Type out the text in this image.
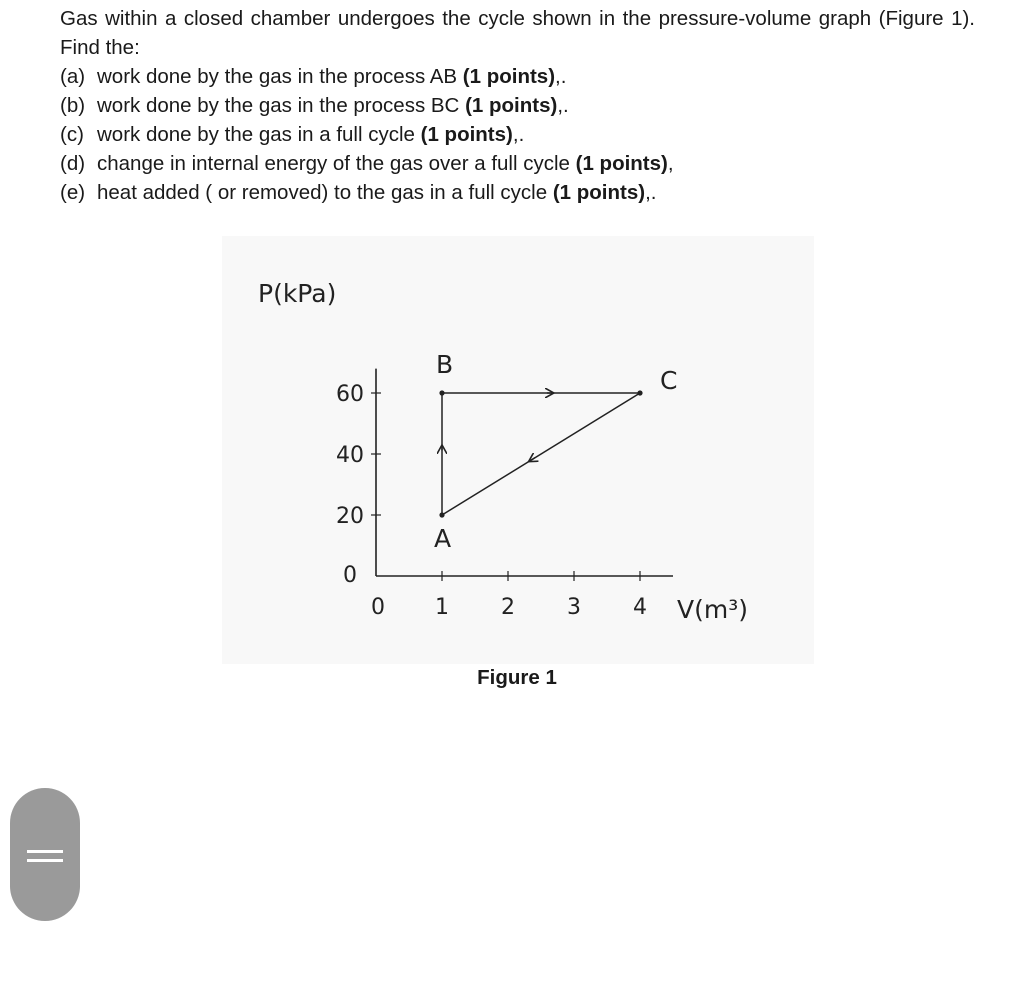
Gas within a closed chamber undergoes the cycle shown in the pressure-volume graph (Figure 1). Find the:
(a) work done by the gas in the process AB (1 points),.
(b) work done by the gas in the process BC (1 points),.
(c) work done by the gas in a full cycle (1 points),.
(d) change in internal energy of the gas over a full cycle (1 points),
(e) heat added ( or removed) to the gas in a full cycle (1 points),.
0 1 2 3 4
0
20
40
60
P(kPa)
V(m³)
A
B
C
Figure 1
